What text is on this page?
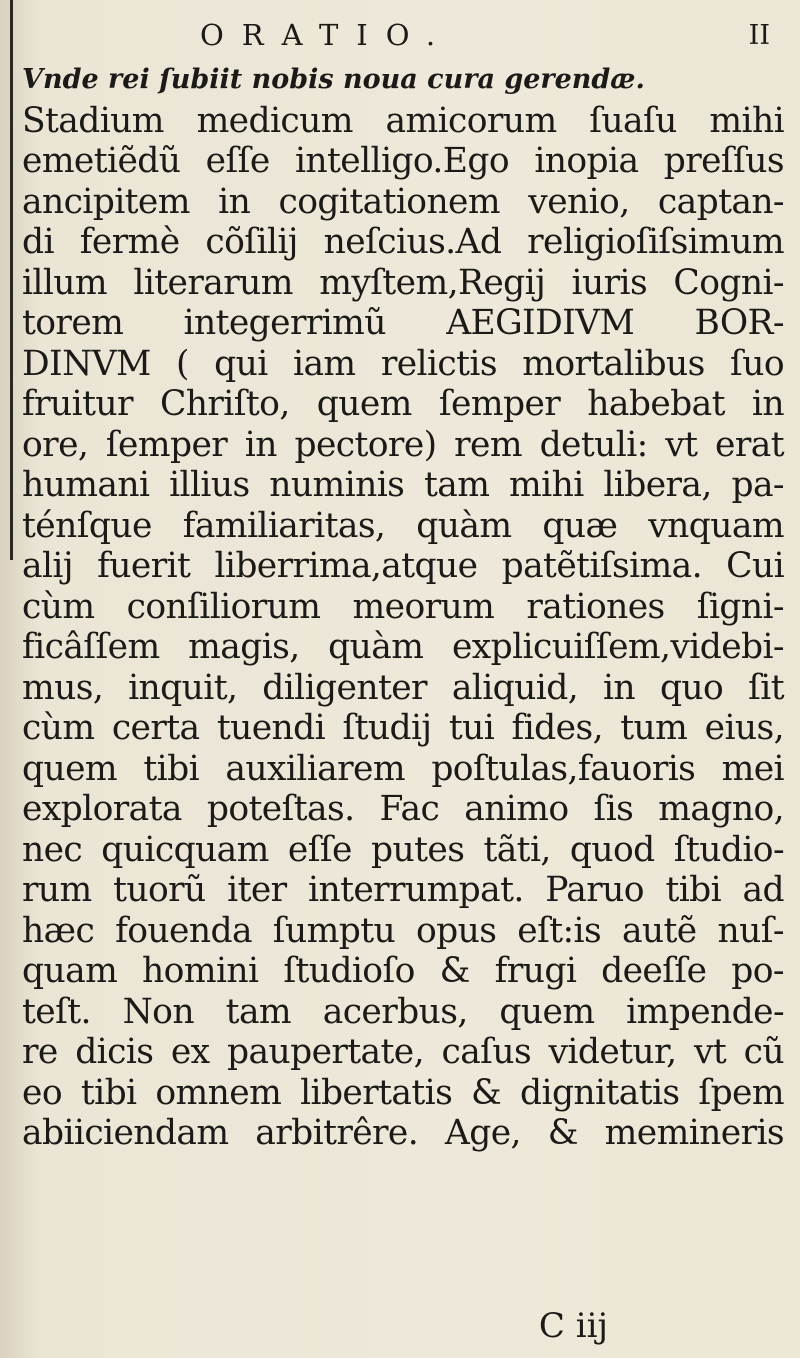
ORATIO.	II
Vnde rei ſubiit nobis noua cura gerendæ.
Stadium medicum amicorum ſuaſu mihi
emetiẽdũ eſſe intelligo.Ego inopia preſſus
ancipitem in cogitationem venio, captan-
di fermè cõſilij neſcius.Ad religioſiſsimum
illum literarum myſtem,Regij iuris Cogni-
torem integerrimũ AEGIDIVM BOR-
DINVM ( qui iam relictis mortalibus ſuo
fruitur Chriſto, quem ſemper habebat in
ore, ſemper in pectore) rem detuli: vt erat
humani illius numinis tam mihi libera, pa-
ténſque familiaritas, quàm quæ vnquam
alij fuerit liberrima,atque patẽtiſsima. Cui
cùm conſiliorum meorum rationes ſigni-
ficâſſem magis, quàm explicuiſſem,videbi-
mus, inquit, diligenter aliquid, in quo ſit
cùm certa tuendi ſtudij tui fides, tum eius,
quem tibi auxiliarem poſtulas,fauoris mei
explorata poteſtas. Fac animo ſis magno,
nec quicquam eſſe putes tãti, quod ſtudio-
rum tuorũ iter interrumpat. Paruo tibi ad
hæc fouenda ſumptu opus eſt:is autẽ nuſ-
quam homini ſtudioſo & frugi deeſſe po-
teſt. Non tam acerbus, quem impende-
re dicis ex paupertate, caſus videtur, vt cũ
eo tibi omnem libertatis & dignitatis ſpem
abiiciendam arbitrêre. Age, & memineris
C iij
